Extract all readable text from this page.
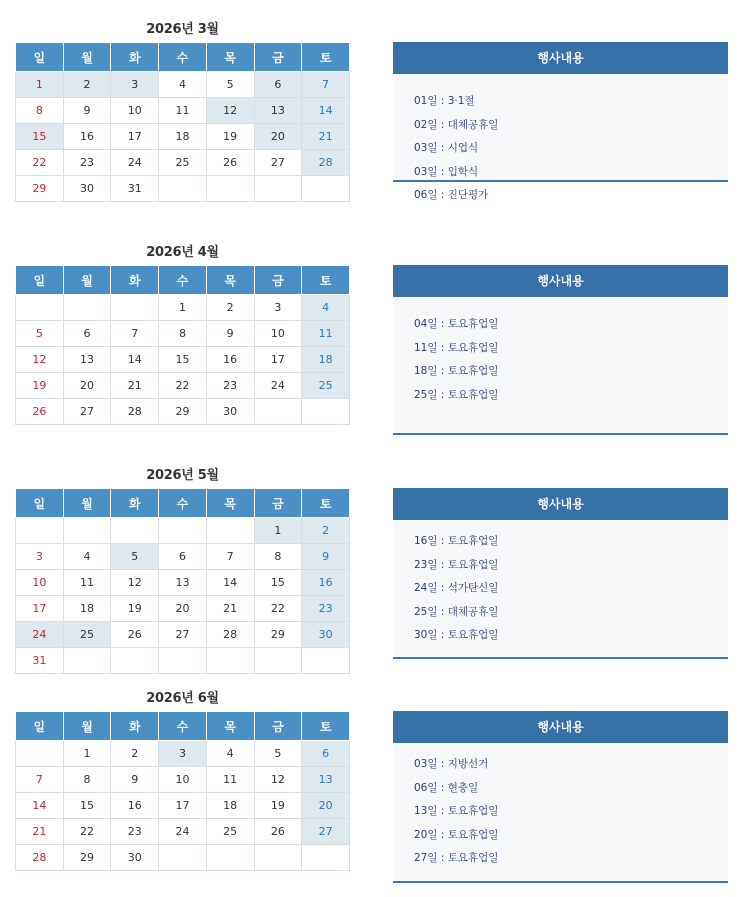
2026년 3월
일	월	화	수	목	금	토
1	2	3	4	5	6	7
8	9	10	11	12	13	14
15	16	17	18	19	20	21
22	23	24	25	26	27	28
29	30	31				
행사내용
01일 : 3·1절
02일 : 대체공휴일
03일 : 시업식
03일 : 입학식
06일 : 진단평가
2026년 4월
일	월	화	수	목	금	토
			1	2	3	4
5	6	7	8	9	10	11
12	13	14	15	16	17	18
19	20	21	22	23	24	25
26	27	28	29	30		
행사내용
04일 : 토요휴업일
11일 : 토요휴업일
18일 : 토요휴업일
25일 : 토요휴업일
2026년 5월
일	월	화	수	목	금	토
					1	2
3	4	5	6	7	8	9
10	11	12	13	14	15	16
17	18	19	20	21	22	23
24	25	26	27	28	29	30
31						
행사내용
16일 : 토요휴업일
23일 : 토요휴업일
24일 : 석가탄신일
25일 : 대체공휴일
30일 : 토요휴업일
2026년 6월
일	월	화	수	목	금	토
	1	2	3	4	5	6
7	8	9	10	11	12	13
14	15	16	17	18	19	20
21	22	23	24	25	26	27
28	29	30				
행사내용
03일 : 지방선거
06일 : 현충일
13일 : 토요휴업일
20일 : 토요휴업일
27일 : 토요휴업일
